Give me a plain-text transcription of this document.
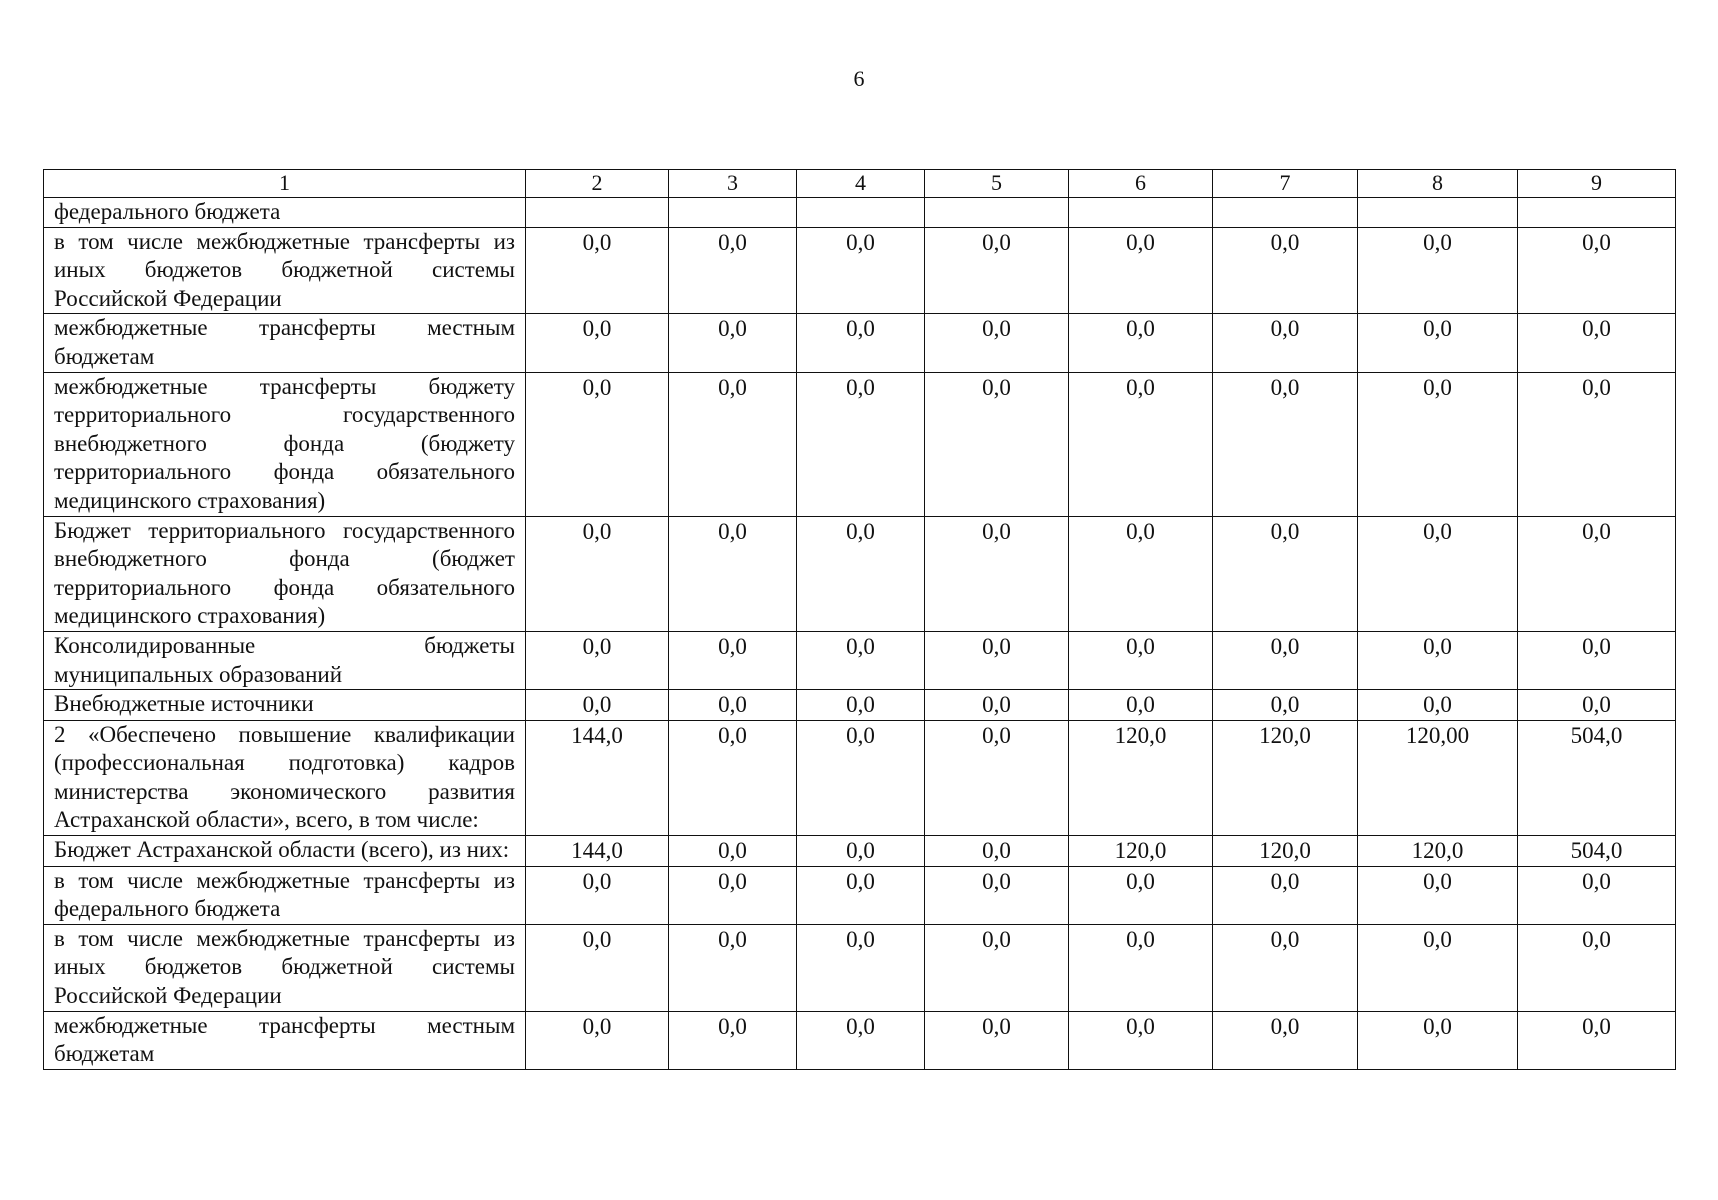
6
1	2	3	4	5	6	7	8	9
федерального бюджета								
в том числе межбюджетные трансферты из иных бюджетов бюджетной системы Российской Федерации	0,0	0,0	0,0	0,0	0,0	0,0	0,0	0,0
межбюджетные трансферты местным бюджетам	0,0	0,0	0,0	0,0	0,0	0,0	0,0	0,0
межбюджетные трансферты бюджету территориального государственного внебюджетного фонда (бюджету территориального фонда обязательного медицинского страхования)	0,0	0,0	0,0	0,0	0,0	0,0	0,0	0,0
Бюджет территориального государственного внебюджетного фонда (бюджет территориального фонда обязательного медицинского страхования)	0,0	0,0	0,0	0,0	0,0	0,0	0,0	0,0
Консолидированные бюджеты муниципальных образований	0,0	0,0	0,0	0,0	0,0	0,0	0,0	0,0
Внебюджетные источники	0,0	0,0	0,0	0,0	0,0	0,0	0,0	0,0
2 «Обеспечено повышение квалификации (профессиональная подготовка) кадров министерства экономического развития Астраханской области», всего, в том числе:	144,0	0,0	0,0	0,0	120,0	120,0	120,00	504,0
Бюджет Астраханской области (всего), из них:	144,0	0,0	0,0	0,0	120,0	120,0	120,0	504,0
в том числе межбюджетные трансферты из федерального бюджета	0,0	0,0	0,0	0,0	0,0	0,0	0,0	0,0
в том числе межбюджетные трансферты из иных бюджетов бюджетной системы Российской Федерации	0,0	0,0	0,0	0,0	0,0	0,0	0,0	0,0
межбюджетные трансферты местным бюджетам	0,0	0,0	0,0	0,0	0,0	0,0	0,0	0,0
